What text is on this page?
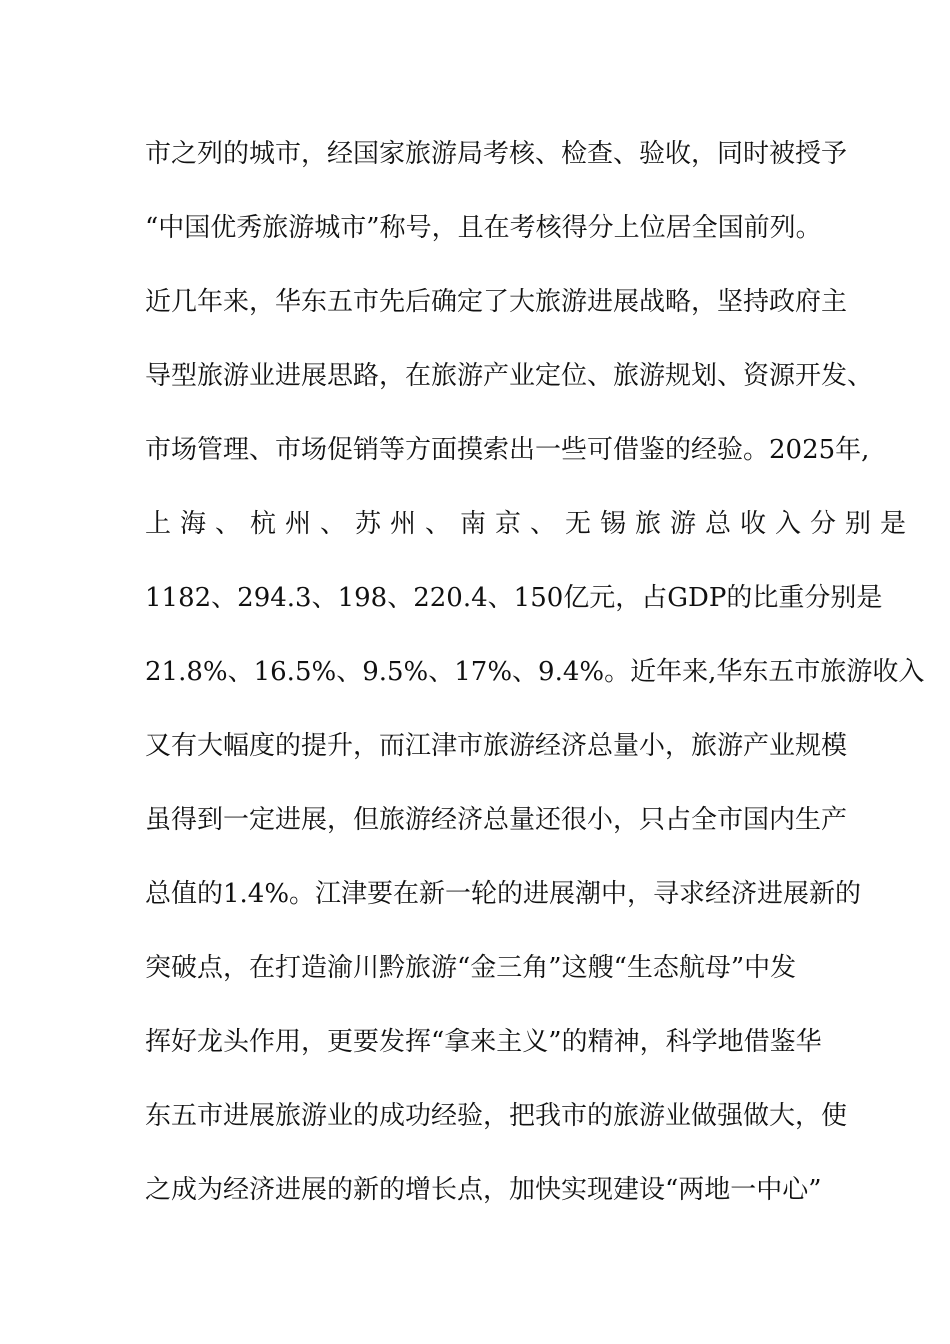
市之列的城市，经国家旅游局考核、检查、验收，同时被授予
“中国优秀旅游城市”称号，且在考核得分上位居全国前列。
近几年来，华东五市先后确定了大旅游进展战略，坚持政府主
导型旅游业进展思路，在旅游产业定位、旅游规划、资源开发、
市场管理、市场促销等方面摸索出一些可借鉴的经验。2025年,
上海、杭州、苏州、南京、无锡旅游总收入分别是
1182、294.3、198、220.4、150亿元，占GDP的比重分别是
21.8%、16.5%、9.5%、17%、9.4%。近年来,华东五市旅游收入
又有大幅度的提升，而江津市旅游经济总量小，旅游产业规模
虽得到一定进展，但旅游经济总量还很小，只占全市国内生产
总值的1.4%。江津要在新一轮的进展潮中，寻求经济进展新的
突破点，在打造渝川黔旅游“金三角”这艘“生态航母”中发
挥好龙头作用，更要发挥“拿来主义”的精神，科学地借鉴华
东五市进展旅游业的成功经验，把我市的旅游业做强做大，使
之成为经济进展的新的增长点，加快实现建设“两地一中心”
